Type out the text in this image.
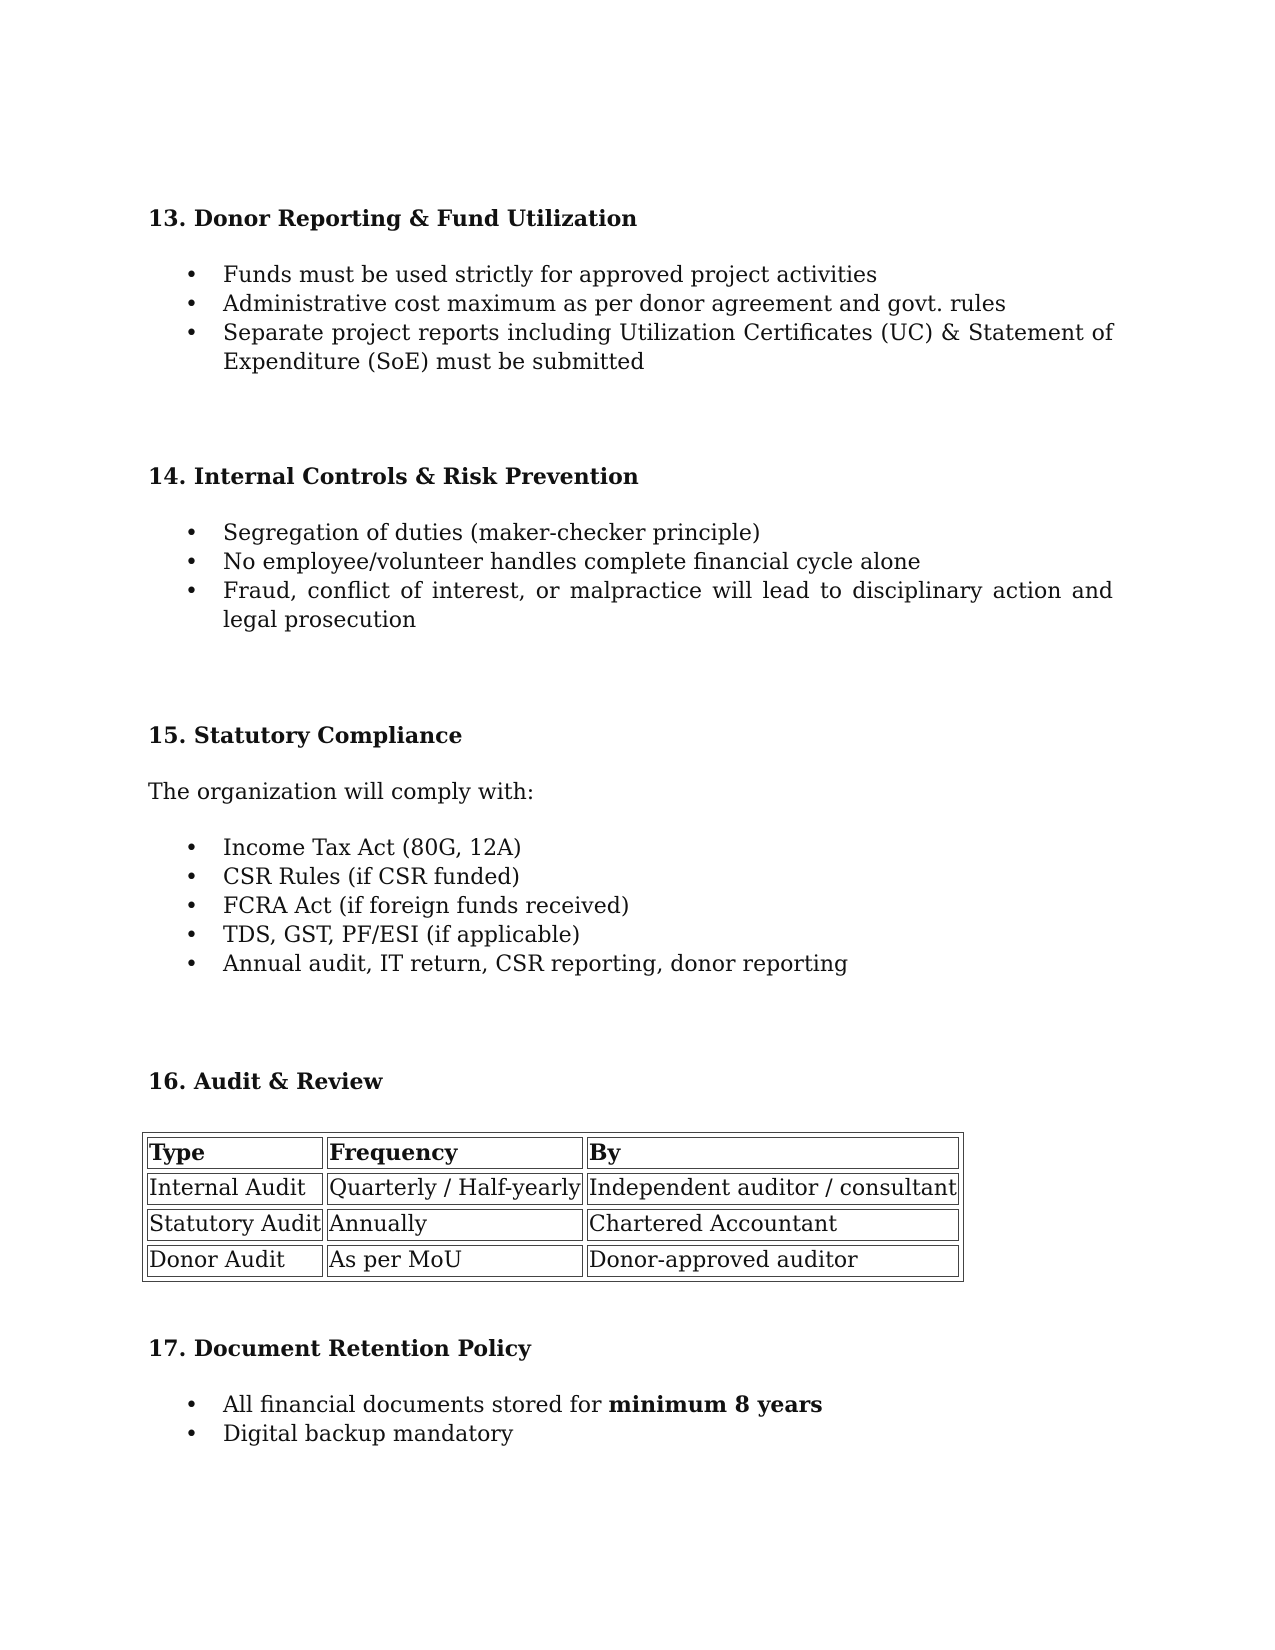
13. Donor Reporting & Fund Utilization
• Funds must be used strictly for approved project activities
• Administrative cost maximum as per donor agreement and govt. rules
• Separate project reports including Utilization Certificates (UC) & Statement of Expenditure (SoE) must be submitted
14. Internal Controls & Risk Prevention
• Segregation of duties (maker-checker principle)
• No employee/volunteer handles complete financial cycle alone
• Fraud, conflict of interest, or malpractice will lead to disciplinary action and legal prosecution
15. Statutory Compliance

The organization will comply with:

• Income Tax Act (80G, 12A)
• CSR Rules (if CSR funded)
• FCRA Act (if foreign funds received)
• TDS, GST, PF/ESI (if applicable)
• Annual audit, IT return, CSR reporting, donor reporting
16. Audit & Review
Type	Frequency	By
Internal Audit	Quarterly / Half-yearly	Independent auditor / consultant
Statutory Audit	Annually	Chartered Accountant
Donor Audit	As per MoU	Donor-approved auditor
17. Document Retention Policy
• All financial documents stored for minimum 8 years
• Digital backup mandatory
